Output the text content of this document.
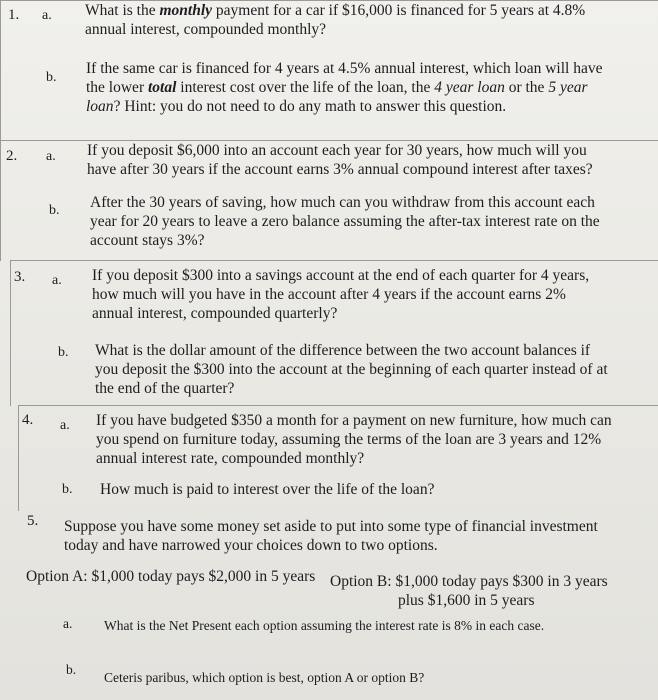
1. a. What is the monthly payment for a car if $16,000 is financed for 5 years at 4.8%
annual interest, compounded monthly?
b.
If the same car is financed for 4 years at 4.5% annual interest, which loan will have
the lower total interest cost over the life of the loan, the 4 year loan or the 5 year
loan? Hint: you do not need to do any math to answer this question.
2. a. If you deposit $6,000 into an account each year for 30 years, how much will you
have after 30 years if the account earns 3% annual compound interest after taxes?
b. After the 30 years of saving, how much can you withdraw from this account each
year for 20 years to leave a zero balance assuming the after-tax interest rate on the
account stays 3%?
3. a. If you deposit $300 into a savings account at the end of each quarter for 4 years,
how much will you have in the account after 4 years if the account earns 2%
annual interest, compounded quarterly?
b. What is the dollar amount of the difference between the two account balances if
you deposit the $300 into the account at the beginning of each quarter instead of at
the end of the quarter?
4. a. If you have budgeted $350 a month for a payment on new furniture, how much can
you spend on furniture today, assuming the terms of the loan are 3 years and 12%
annual interest rate, compounded monthly?
b. How much is paid to interest over the life of the loan?
5. Suppose you have some money set aside to put into some type of financial investment
today and have narrowed your choices down to two options.
Option A: $1,000 today pays $2,000 in 5 years Option B: $1,000 today pays $300 in 3 years
plus $1,600 in 5 years
a. What is the Net Present each option assuming the interest rate is 8% in each case.
b.
Ceteris paribus, which option is best, option A or option B?
